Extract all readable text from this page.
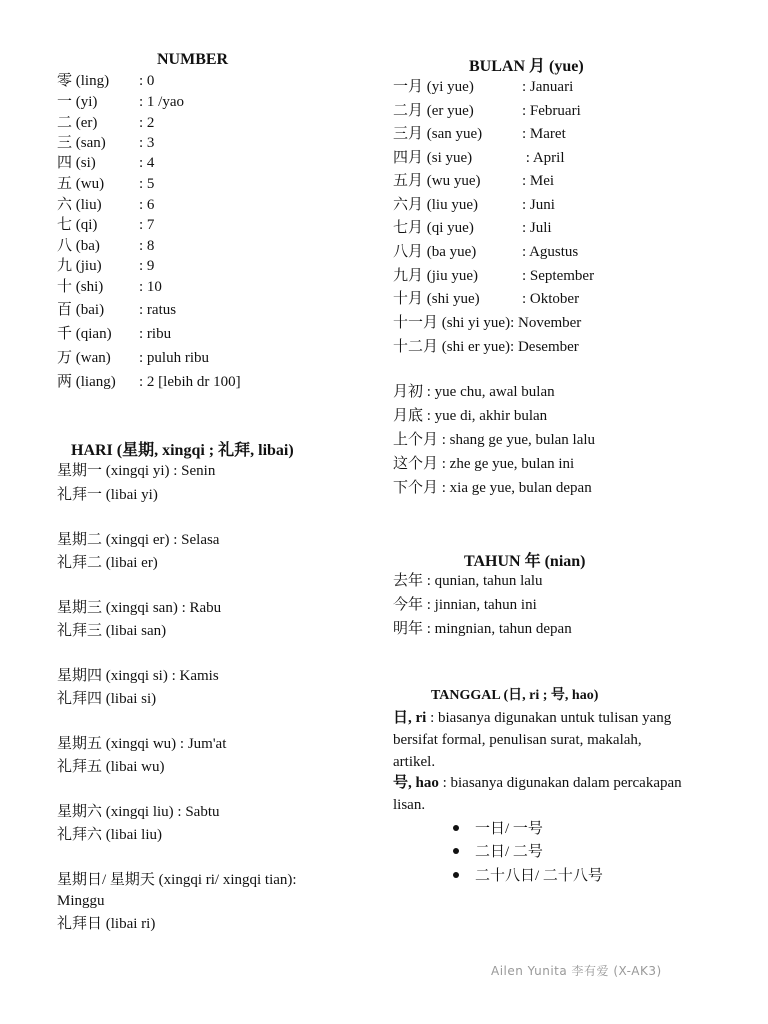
NUMBER
零 (ling) : 0
一 (yi)	: 1 /yao
二 (er)	: 2
三 (san) : 3
四 (si)	: 4
五 (wu) : 5
六 (liu) : 6
七 (qi)	: 7
八 (ba)	: 8
九 (jiu) : 9
十 (shi) : 10
百 (bai) : ratus
千 (qian) : ribu
万 (wan) : puluh ribu
两 (liang) : 2 [lebih dr 100]
HARI (星期, xingqi ; 礼拜, libai)
星期一 (xingqi yi) : Senin
礼拜一 (libai yi)
星期二 (xingqi er) : Selasa
礼拜二 (libai er)
星期三 (xingqi san) : Rabu
礼拜三 (libai san)
星期四 (xingqi si) : Kamis
礼拜四 (libai si)
星期五 (xingqi wu) : Jum'at
礼拜五 (libai wu)
星期六 (xingqi liu) : Sabtu
礼拜六 (libai liu)
星期日/ 星期天 (xingqi ri/ xingqi tian):
Minggu
礼拜日 (libai ri)
BULAN 月 (yue)
一月 (yi yue)	: Januari
二月 (er yue)	: Februari
三月 (san yue)	: Maret
四月 (si yue)	: April
五月 (wu yue)	: Mei
六月 (liu yue)	: Juni
七月 (qi yue)	: Juli
八月 (ba yue)	: Agustus
九月 (jiu yue)	: September
十月 (shi yue)	: Oktober
十一月 (shi yi yue): November
十二月 (shi er yue): Desember
月初 : yue chu, awal bulan
月底 : yue di, akhir bulan
上个月 : shang ge yue, bulan lalu
这个月 : zhe ge yue, bulan ini
下个月 : xia ge yue, bulan depan
TAHUN 年 (nian)
去年 : qunian, tahun lalu
今年 : jinnian, tahun ini
明年 : mingnian, tahun depan
TANGGAL (日, ri ; 号, hao)
日, ri : biasanya digunakan untuk tulisan yang bersifat formal, penulisan surat, makalah, artikel.
号, hao : biasanya digunakan dalam percakapan lisan.
一日/ 一号
二日/ 二号
二十八日/ 二十八号
Ailen Yunita 李有爱 (X-AK3)
